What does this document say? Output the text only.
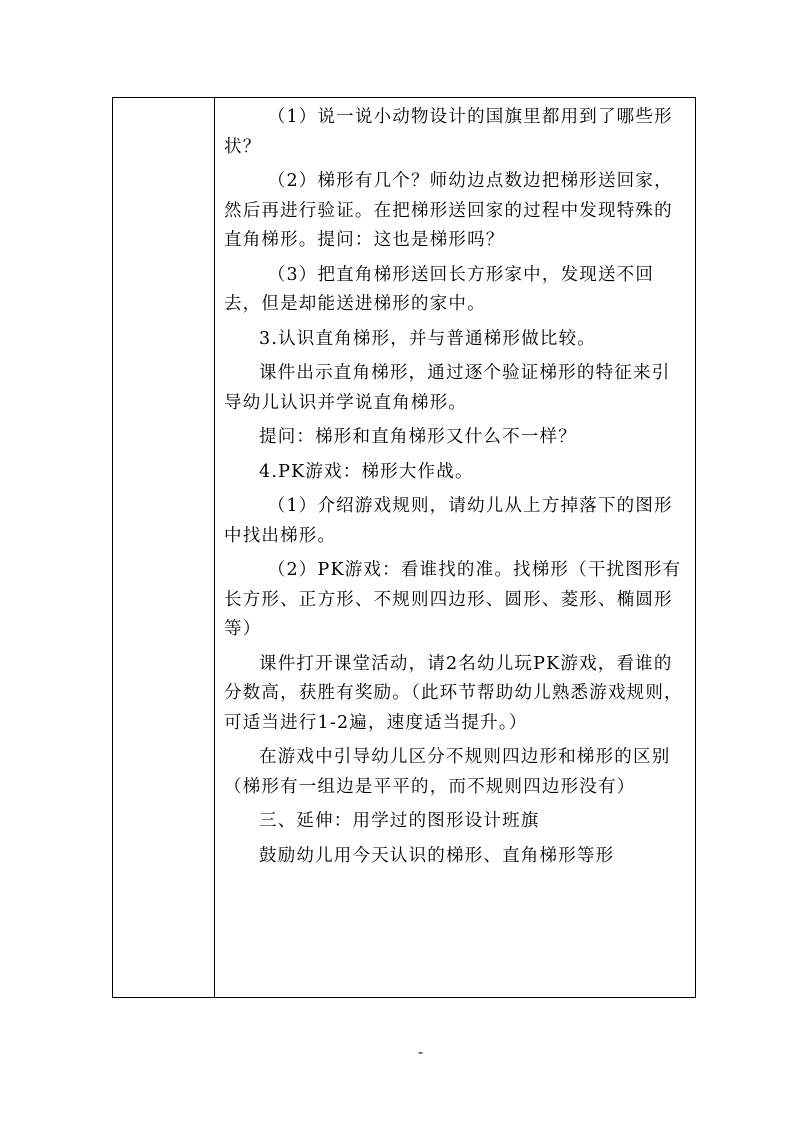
（1）说一说小动物设计的国旗里都用到了哪些形状？

（2）梯形有几个？师幼边点数边把梯形送回家，然后再进行验证。在把梯形送回家的过程中发现特殊的直角梯形。提问：这也是梯形吗？

（3）把直角梯形送回长方形家中，发现送不回去，但是却能送进梯形的家中。

3.认识直角梯形，并与普通梯形做比较。

课件出示直角梯形，通过逐个验证梯形的特征来引导幼儿认识并学说直角梯形。

提问：梯形和直角梯形又什么不一样？

4.PK游戏：梯形大作战。

（1）介绍游戏规则，请幼儿从上方掉落下的图形中找出梯形。

（2）PK游戏：看谁找的准。找梯形（干扰图形有长方形、正方形、不规则四边形、圆形、菱形、椭圆形等）

课件打开课堂活动，请2名幼儿玩PK游戏，看谁的分数高，获胜有奖励。（此环节帮助幼儿熟悉游戏规则，可适当进行1-2遍，速度适当提升。）

在游戏中引导幼儿区分不规则四边形和梯形的区别（梯形有一组边是平平的，而不规则四边形没有）

三、延伸：用学过的图形设计班旗

鼓励幼儿用今天认识的梯形、直角梯形等形

-
